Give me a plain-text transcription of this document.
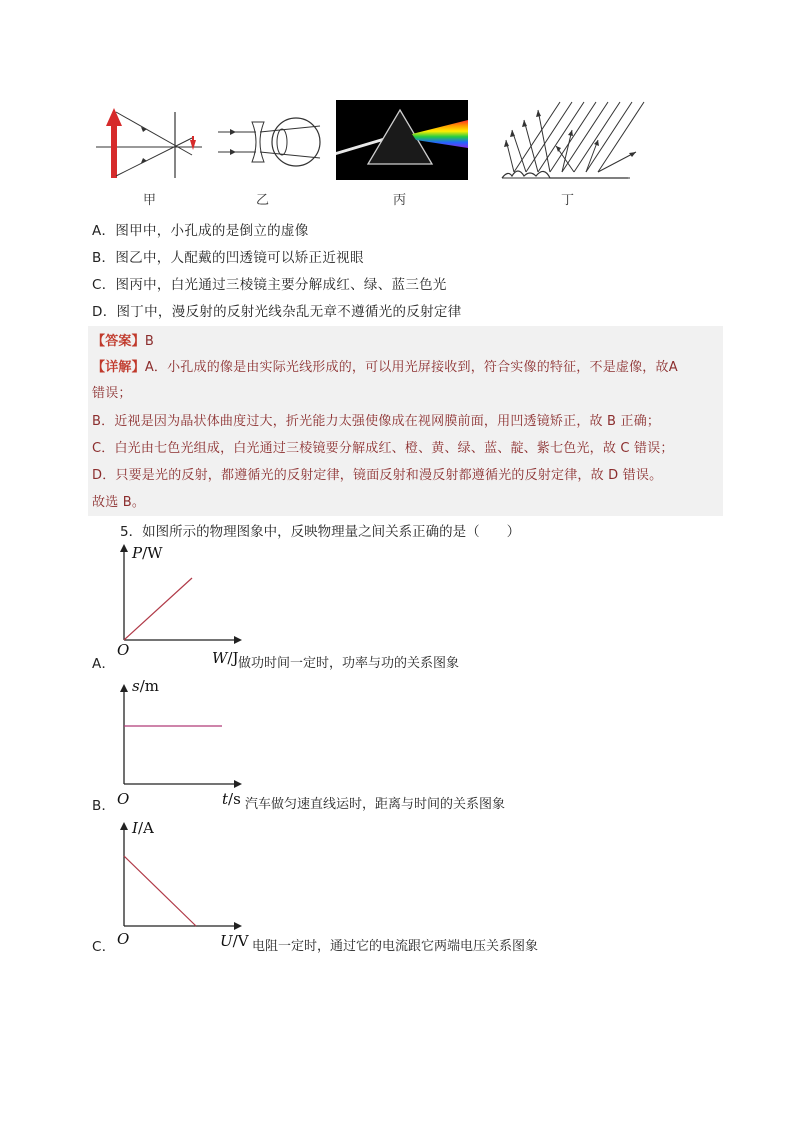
甲	乙	丙	丁
A．图甲中，小孔成的是倒立的虚像
B．图乙中，人配戴的凹透镜可以矫正近视眼
C．图丙中，白光通过三棱镜主要分解成红、绿、蓝三色光
D．图丁中，漫反射的反射光线杂乱无章不遵循光的反射定律
【答案】B
【详解】A．小孔成的像是由实际光线形成的，可以用光屏接收到，符合实像的特征，不是虚像，故A
错误；
B．近视是因为晶状体曲度过大，折光能力太强使像成在视网膜前面，用凹透镜矫正，故 B 正确；
C．白光由七色光组成，白光通过三棱镜要分解成红、橙、黄、绿、蓝、靛、紫七色光，故 C 错误；
D．只要是光的反射，都遵循光的反射定律，镜面反射和漫反射都遵循光的反射定律，故 D 错误。
故选 B。
5．如图所示的物理图象中，反映物理量之间关系正确的是（　　）
P/W
O
A．	W/J 做功时间一定时，功率与功的关系图象
s/m
O
B．	t/s 汽车做匀速直线运时，距离与时间的关系图象
I/A
O
C．	U/V 电阻一定时，通过它的电流跟它两端电压关系图象
